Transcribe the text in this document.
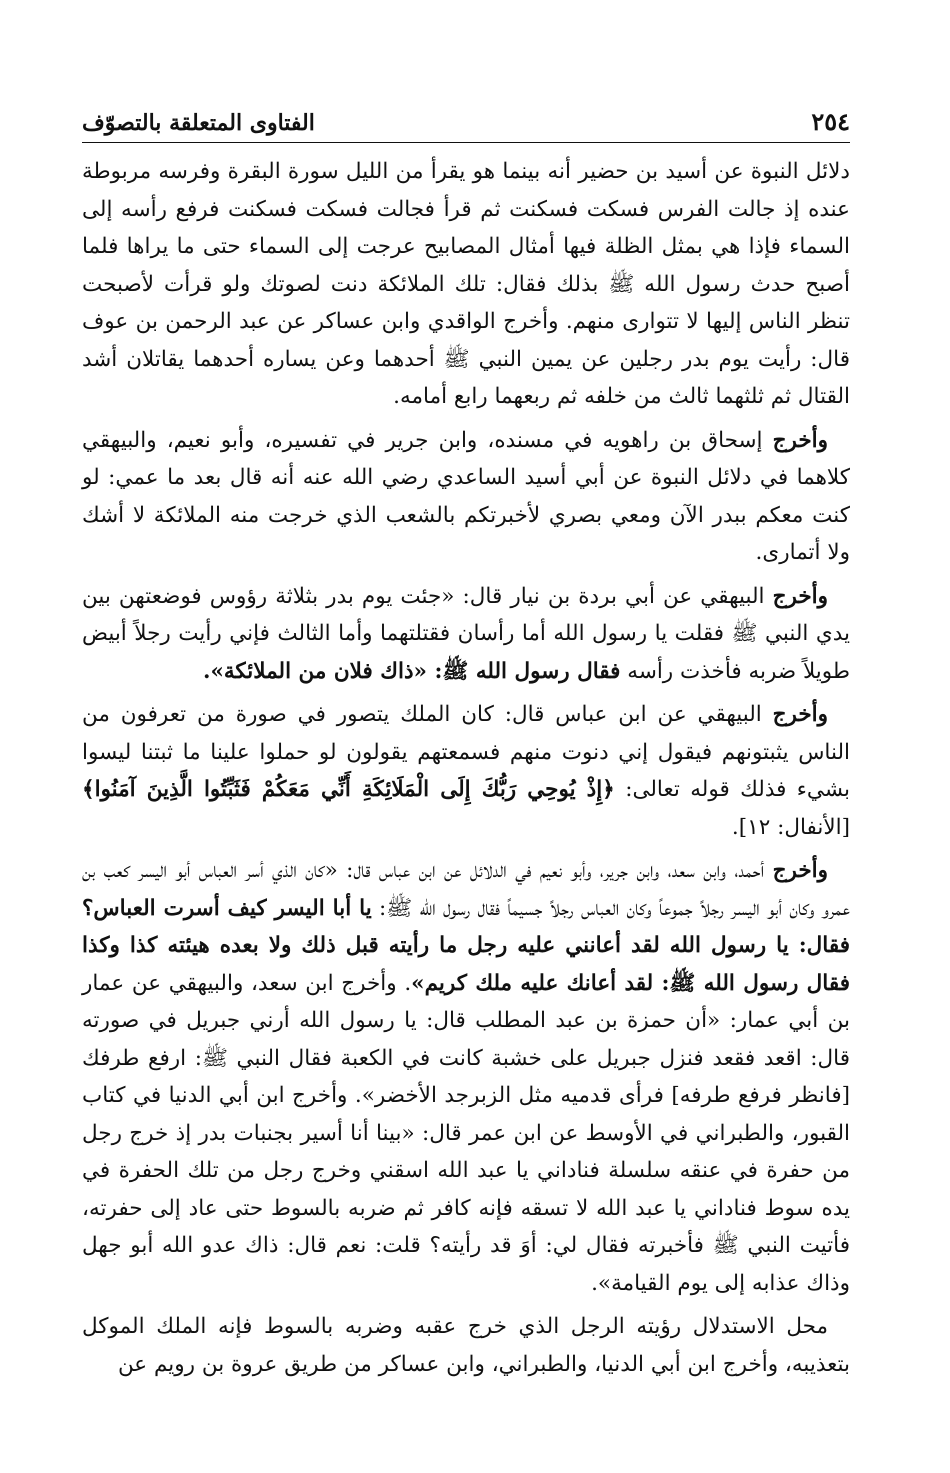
٢٥٤
الفتاوى المتعلقة بالتصوّف

دلائل النبوة عن أسيد بن حضير أنه بينما هو يقرأ من الليل سورة البقرة وفرسه مربوطة عنده إذ جالت الفرس فسكت فسكنت ثم قرأ فجالت فسكت فسكنت فرفع رأسه إلى السماء فإذا هي بمثل الظلة فيها أمثال المصابيح عرجت إلى السماء حتى ما يراها فلما أصبح حدث رسول الله ﷺ بذلك فقال: تلك الملائكة دنت لصوتك ولو قرأت لأصبحت تنظر الناس إليها لا تتوارى منهم. وأخرج الواقدي وابن عساكر عن عبد الرحمن بن عوف قال: رأيت يوم بدر رجلين عن يمين النبي ﷺ أحدهما وعن يساره أحدهما يقاتلان أشد القتال ثم ثلثهما ثالث من خلفه ثم ربعهما رابع أمامه.

وأخرج إسحاق بن راهويه في مسنده، وابن جرير في تفسيره، وأبو نعيم، والبيهقي كلاهما في دلائل النبوة عن أبي أسيد الساعدي رضي الله عنه أنه قال بعد ما عمي: لو كنت معكم ببدر الآن ومعي بصري لأخبرتكم بالشعب الذي خرجت منه الملائكة لا أشك ولا أتمارى.

وأخرج البيهقي عن أبي بردة بن نيار قال: «جئت يوم بدر بثلاثة رؤوس فوضعتهن بين يدي النبي ﷺ فقلت يا رسول الله أما رأسان فقتلتهما وأما الثالث فإني رأيت رجلاً أبيض طويلاً ضربه فأخذت رأسه فقال رسول الله ﷺ: «ذاك فلان من الملائكة».

وأخرج البيهقي عن ابن عباس قال: كان الملك يتصور في صورة من تعرفون من الناس يثبتونهم فيقول إني دنوت منهم فسمعتهم يقولون لو حملوا علينا ما ثبتنا ليسوا بشيء فذلك قوله تعالى: ﴿إِذْ يُوحِي رَبُّكَ إِلَى الْمَلَائِكَةِ أَنِّي مَعَكُمْ فَثَبِّتُوا الَّذِينَ آمَنُوا﴾ [الأنفال: ١٢].

وأخرج أحمد، وابن سعد، وابن جرير، وأبو نعيم في الدلائل عن ابن عباس قال: «كان الذي أسر العباس أبو اليسر كعب بن عمرو وكان أبو اليسر رجلاً جموعاً وكان العباس رجلاً جسيماً فقال رسول الله ﷺ: يا أبا اليسر كيف أسرت العباس؟ فقال: يا رسول الله لقد أعانني عليه رجل ما رأيته قبل ذلك ولا بعده هيئته كذا وكذا فقال رسول الله ﷺ: لقد أعانك عليه ملك كريم». وأخرج ابن سعد، والبيهقي عن عمار بن أبي عمار: «أن حمزة بن عبد المطلب قال: يا رسول الله أرني جبريل في صورته قال: اقعد فقعد فنزل جبريل على خشبة كانت في الكعبة فقال النبي ﷺ: ارفع طرفك [فانظر فرفع طرفه] فرأى قدميه مثل الزبرجد الأخضر». وأخرج ابن أبي الدنيا في كتاب القبور، والطبراني في الأوسط عن ابن عمر قال: «بينا أنا أسير بجنبات بدر إذ خرج رجل من حفرة في عنقه سلسلة فناداني يا عبد الله اسقني وخرج رجل من تلك الحفرة في يده سوط فناداني يا عبد الله لا تسقه فإنه كافر ثم ضربه بالسوط حتى عاد إلى حفرته، فأتيت النبي ﷺ فأخبرته فقال لي: أوَ قد رأيته؟ قلت: نعم قال: ذاك عدو الله أبو جهل وذاك عذابه إلى يوم القيامة».

محل الاستدلال رؤيته الرجل الذي خرج عقبه وضربه بالسوط فإنه الملك الموكل بتعذيبه، وأخرج ابن أبي الدنيا، والطبراني، وابن عساكر من طريق عروة بن رويم عن
